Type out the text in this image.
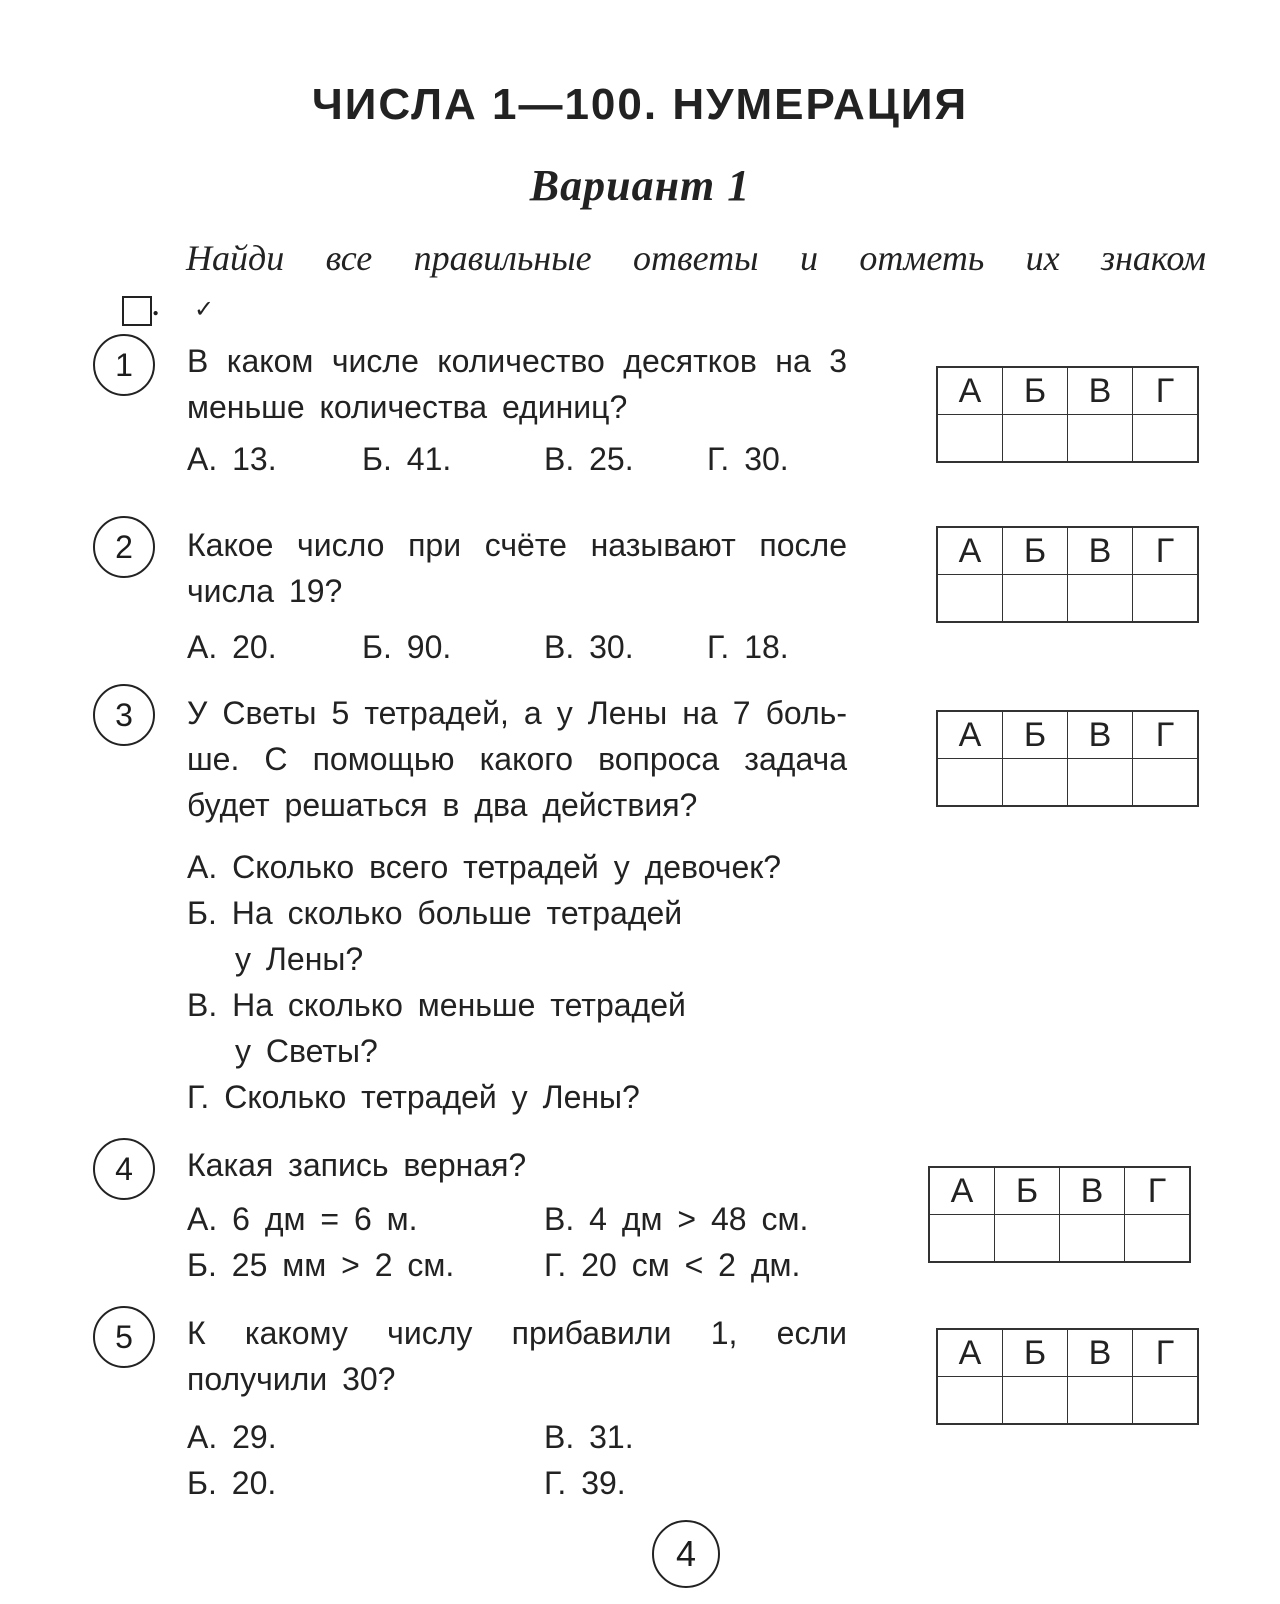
ЧИСЛА 1—100. НУМЕРАЦИЯ
Вариант 1
Найди все правильные ответы и отметь их знаком✓.
1	В каком числе количество десятков на 3 меньше количества единиц?
А. 13.	Б. 41.	В. 25. Г. 30.
А	Б	В	Г

2	Какое число при счёте называют после числа 19?
А. 20.	Б. 90.	В. 30. Г. 18.
А	Б	В	Г

3	У Светы 5 тетрадей, а у Лены на 7 больше. С помощью какого вопроса задача будет решаться в два действия?
А	Б	В	Г

А. Сколько всего тетрадей у девочек?
Б. На сколько больше тетрадей
у Лены?
В. На сколько меньше тетрадей
у Светы?
Г. Сколько тетрадей у Лены?
4	Какая запись верная?
А. 6 дм = 6 м.	В. 4 дм > 48 см.
Б. 25 мм > 2 см.	Г. 20 см < 2 дм.
А	Б	В	Г

5	К какому числу прибавили 1, если получили 30?
А. 29.	В. 31.
Б. 20.	Г. 39.
А	Б	В	Г

4
